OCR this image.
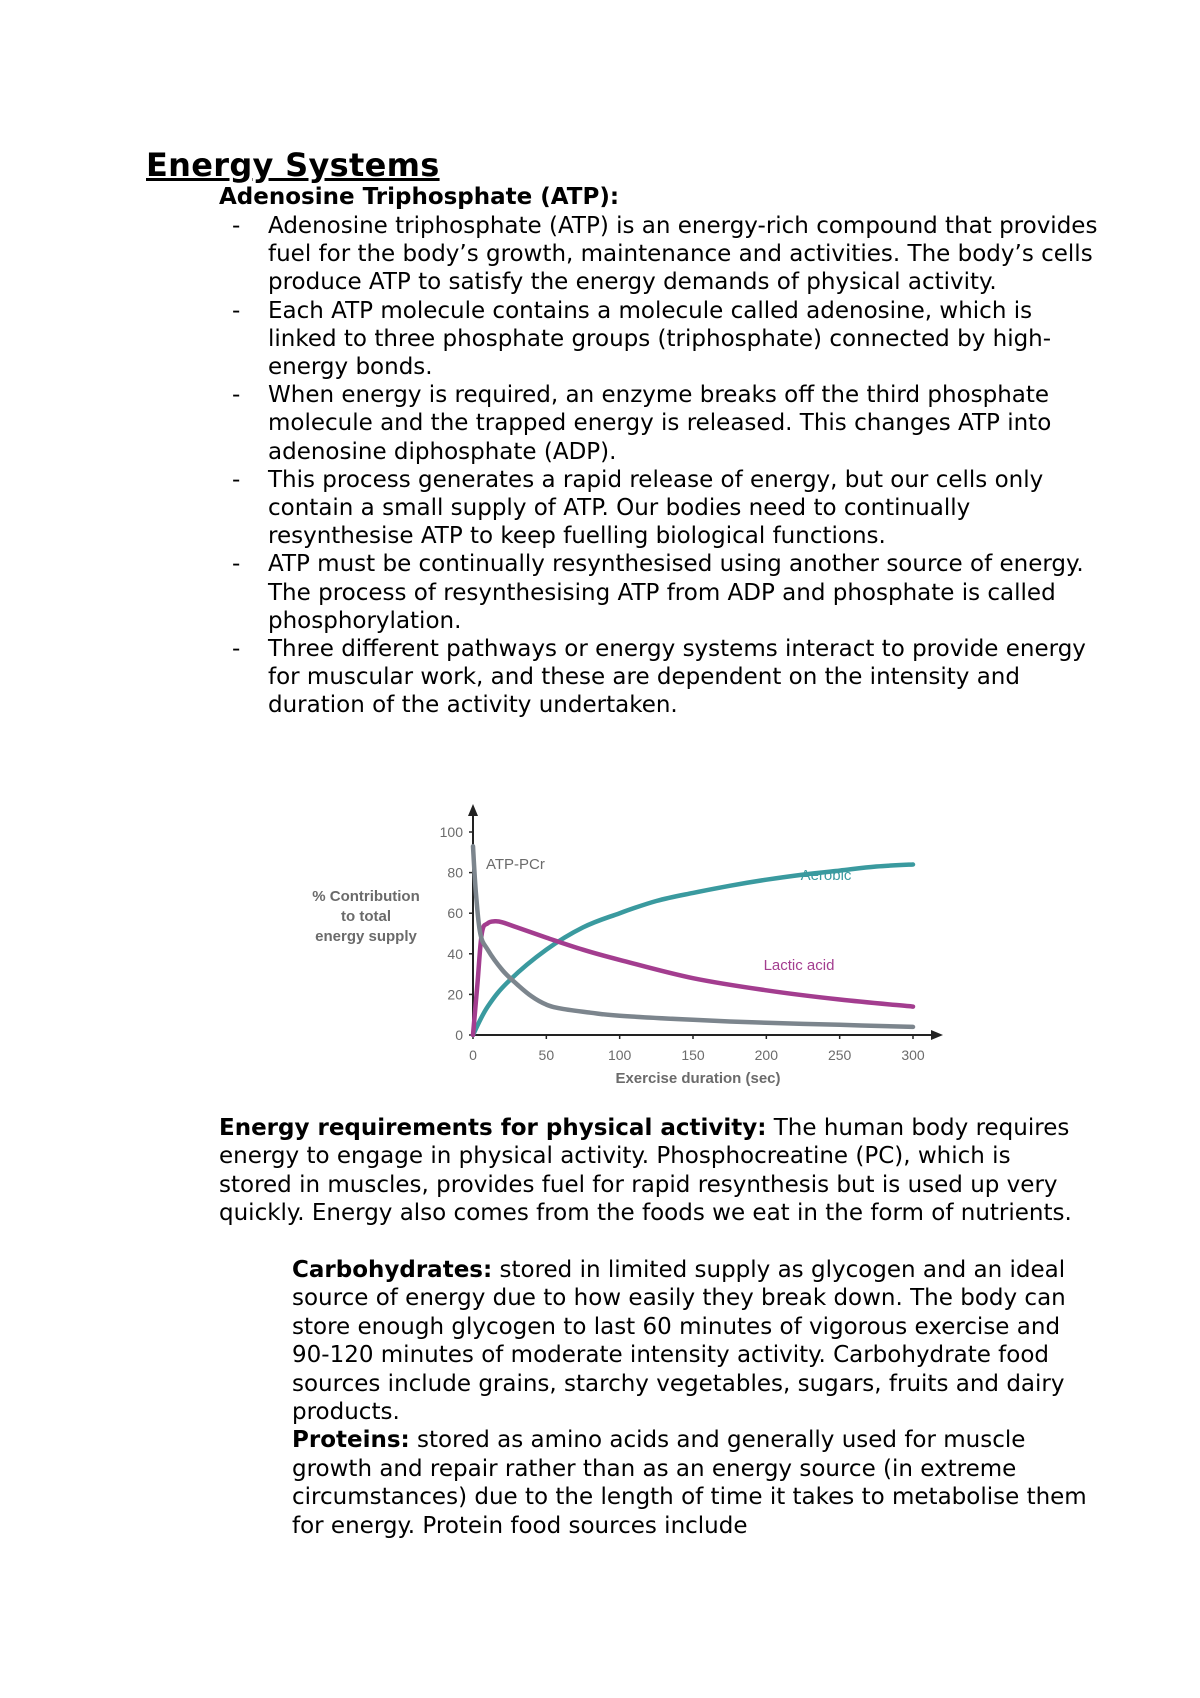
Energy Systems
Adenosine Triphosphate (ATP):
- Adenosine triphosphate (ATP) is an energy-rich compound that provides fuel for the body’s growth, maintenance and activities. The body’s cells produce ATP to satisfy the energy demands of physical activity.
- Each ATP molecule contains a molecule called adenosine, which is linked to three phosphate groups (triphosphate) connected by high-energy bonds.
- When energy is required, an enzyme breaks off the third phosphate molecule and the trapped energy is released. This changes ATP into adenosine diphosphate (ADP).
- This process generates a rapid release of energy, but our cells only contain a small supply of ATP. Our bodies need to continually resynthesise ATP to keep fuelling biological functions.
- ATP must be continually resynthesised using another source of energy. The process of resynthesising ATP from ADP and phosphate is called phosphorylation.
- Three different pathways or energy systems interact to provide energy for muscular work, and these are dependent on the intensity and duration of the activity undertaken.
0
20
40
60
80
100
0	50	100	150	200	250	300
Exercise duration (sec)
% Contribution
to total
energy supply
ATP-PCr
Lactic acid
Aerobic

Energy requirements for physical activity: The human body requires energy to engage in physical activity. Phosphocreatine (PC), which is stored in muscles, provides fuel for rapid resynthesis but is used up very quickly. Energy also comes from the foods we eat in the form of nutrients.

Carbohydrates: stored in limited supply as glycogen and an ideal source of energy due to how easily they break down. The body can store enough glycogen to last 60 minutes of vigorous exercise and 90-120 minutes of moderate intensity activity. Carbohydrate food sources include grains, starchy vegetables, sugars, fruits and dairy products.

Proteins: stored as amino acids and generally used for muscle growth and repair rather than as an energy source (in extreme circumstances) due to the length of time it takes to metabolise them for energy. Protein food sources include
